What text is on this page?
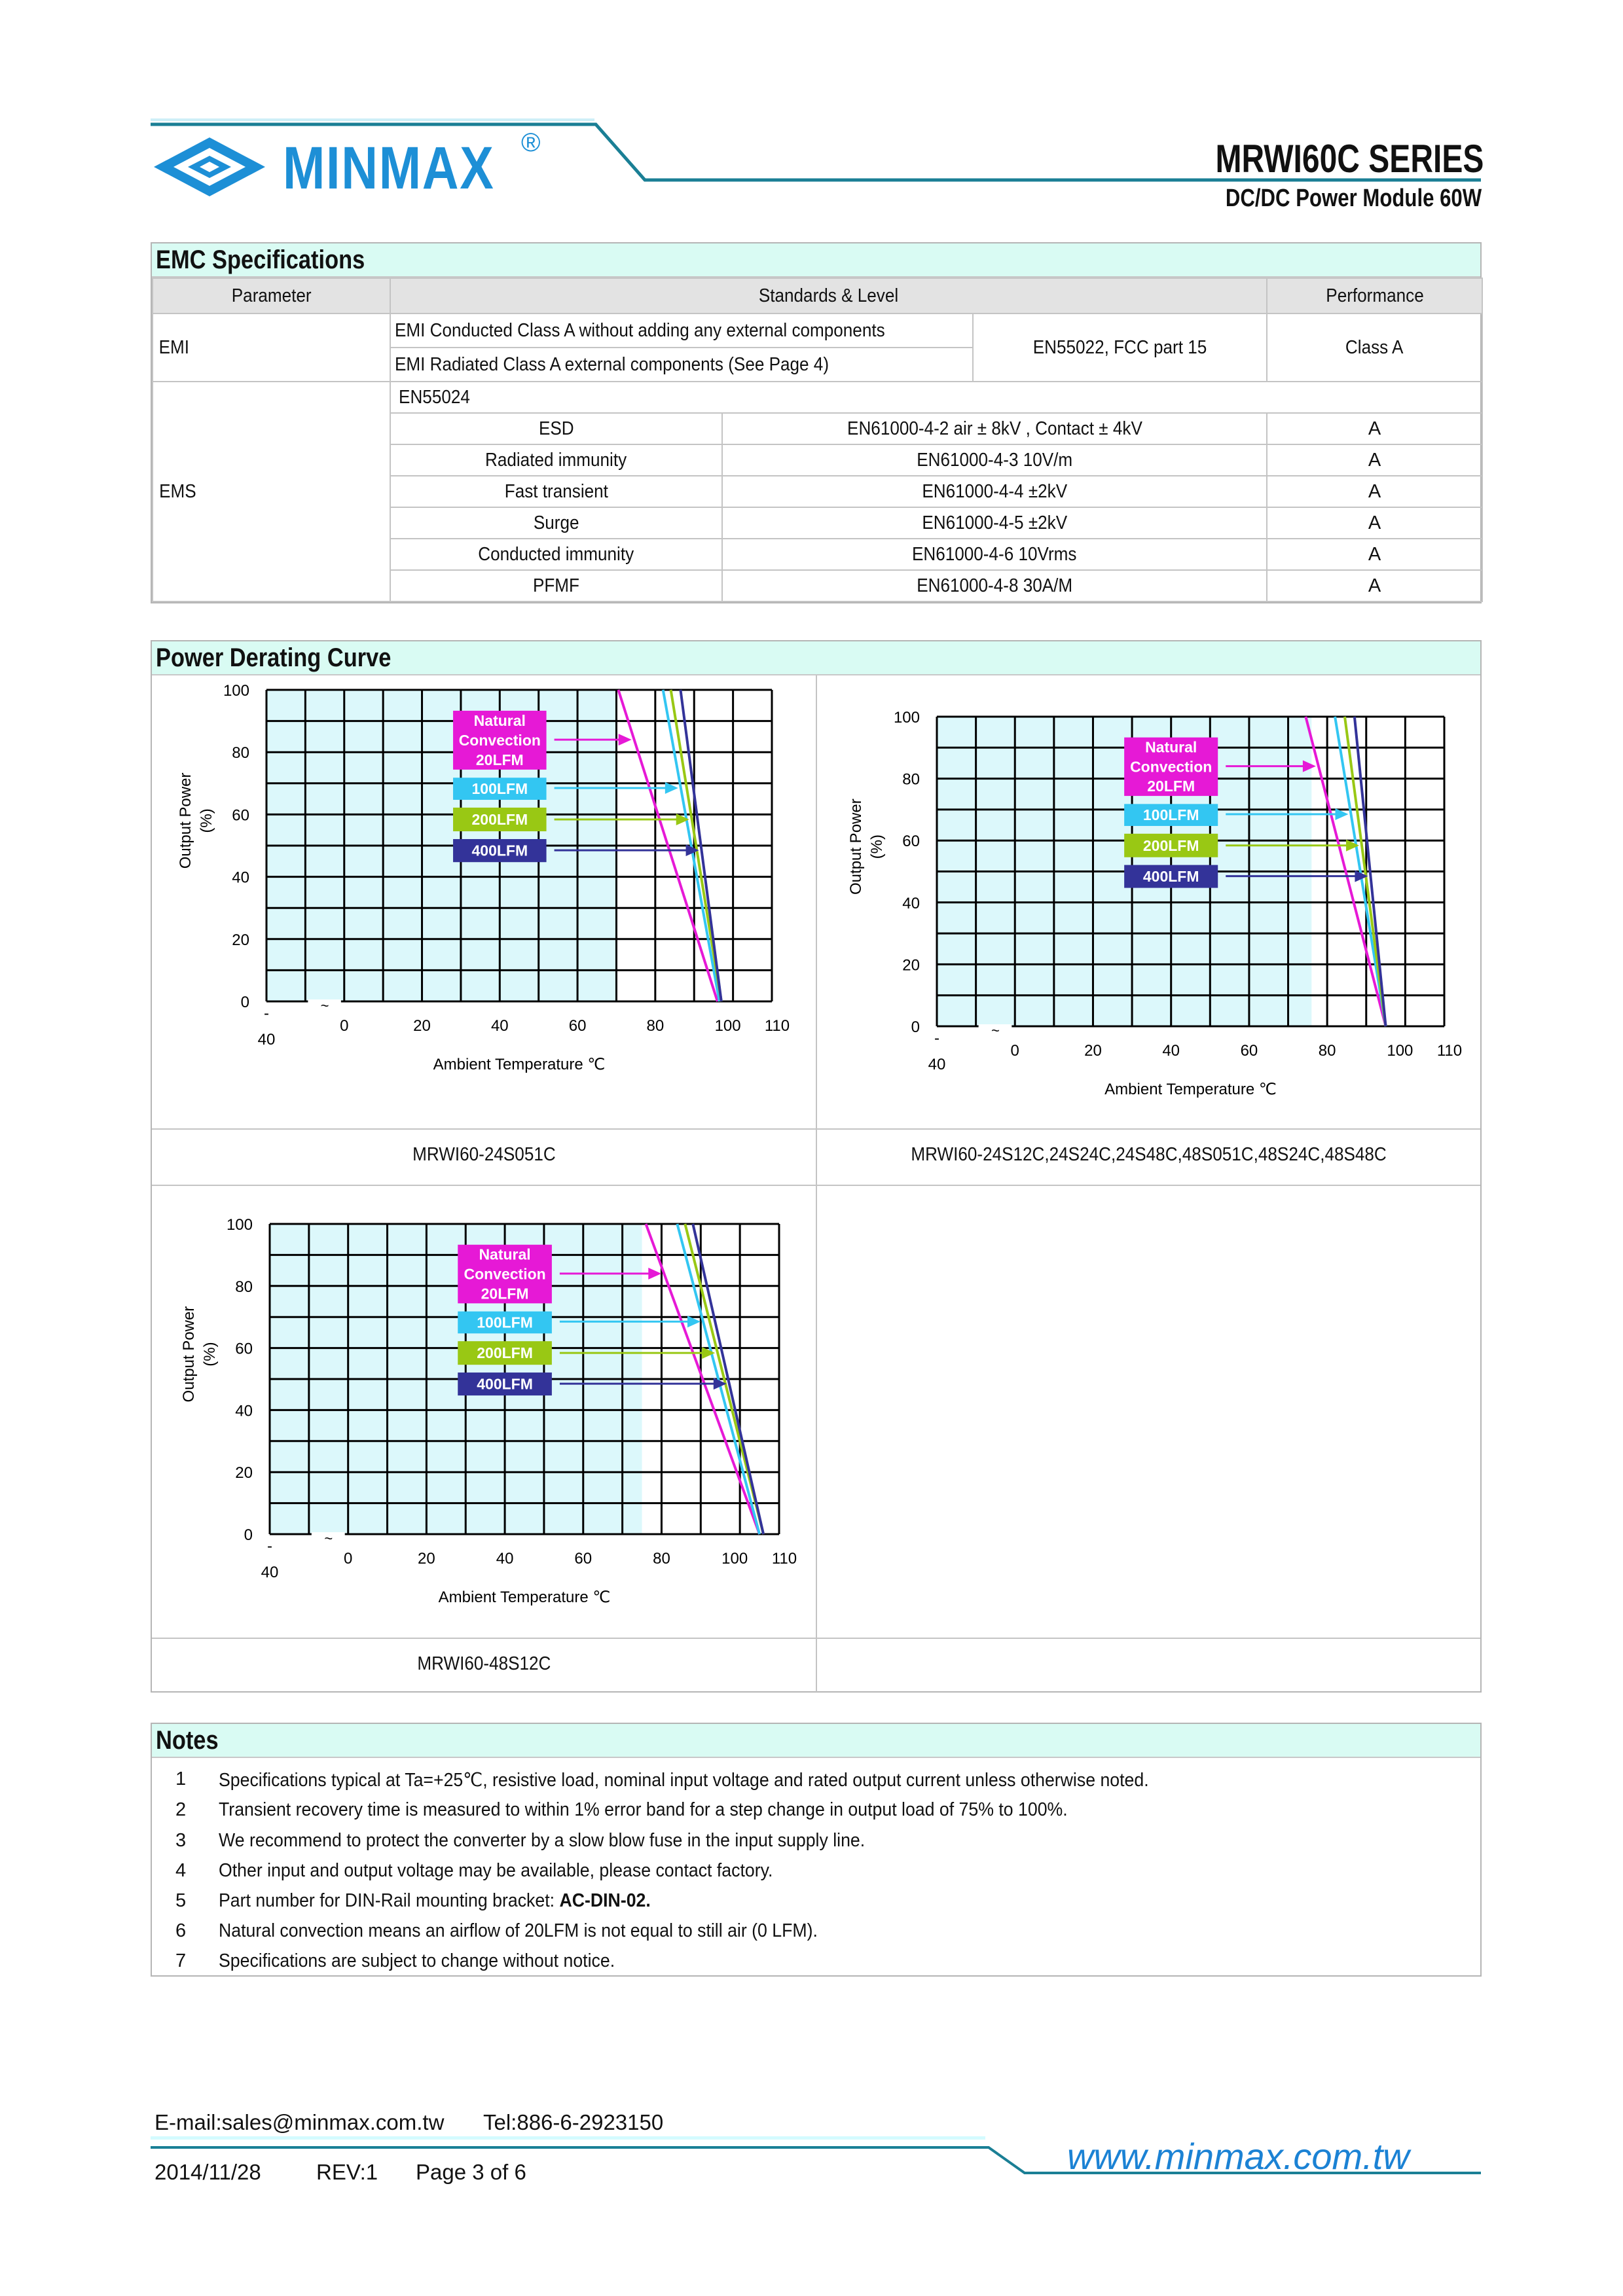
MINMAX ®	MRWI60C SERIES
DC/DC Power Module 60W
EMC Specifications
Parameter	Standards & Level			Performance
EMI	EMI Conducted Class A without adding any external components		EN55022, FCC part 15	Class A
	EMI Radiated Class A external components (See Page 4)			
EMS	EN55024			
	ESD	EN61000-4-2 air ± 8kV , Contact ± 4kV		A
	Radiated immunity	EN61000-4-3 10V/m		A
	Fast transient	EN61000-4-4 ±2kV		A
	Surge	EN61000-4-5 ±2kV		A
	Conducted immunity	EN61000-4-6 10Vrms		A
	PFMF	EN61000-4-8 30A/M		A
Power Derating Curve
~
0
20
40
60
80
100
-
40
0	20	40	60	80	100 110
Ambient Temperature ℃
Output Power (%)
Natural
Convection
20LFM
100LFM
200LFM
400LFM
~
0
20
40
60
80
100
-
40
0	20	40	60	80	100 110
Ambient Temperature ℃
Output Power (%)
Natural
Convection
20LFM
100LFM
200LFM
400LFM
~
0
20
40
60
80
100
-
40
0	20	40	60	80	100 110
Ambient Temperature ℃
Output Power (%)
Natural
Convection
20LFM
100LFM
200LFM
400LFM
MRWI60-24S051C	MRWI60-24S12C,24S24C,24S48C,48S051C,48S24C,48S48C
MRWI60-48S12C
Notes
1 Specifications typical at Ta=+25℃, resistive load, nominal input voltage and rated output current unless otherwise noted.
2 Transient recovery time is measured to within 1% error band for a step change in output load of 75% to 100%.
3 We recommend to protect the converter by a slow blow fuse in the input supply line.
4 Other input and output voltage may be available, please contact factory.
5 Part number for DIN-Rail mounting bracket: AC-DIN-02.
6 Natural convection means an airflow of 20LFM is not equal to still air (0 LFM).
7 Specifications are subject to change without notice.
E-mail:sales@minmax.com.tw Tel:886-6-2923150
2014/11/28	REV:1 Page 3 of 6	www.minmax.com.tw
